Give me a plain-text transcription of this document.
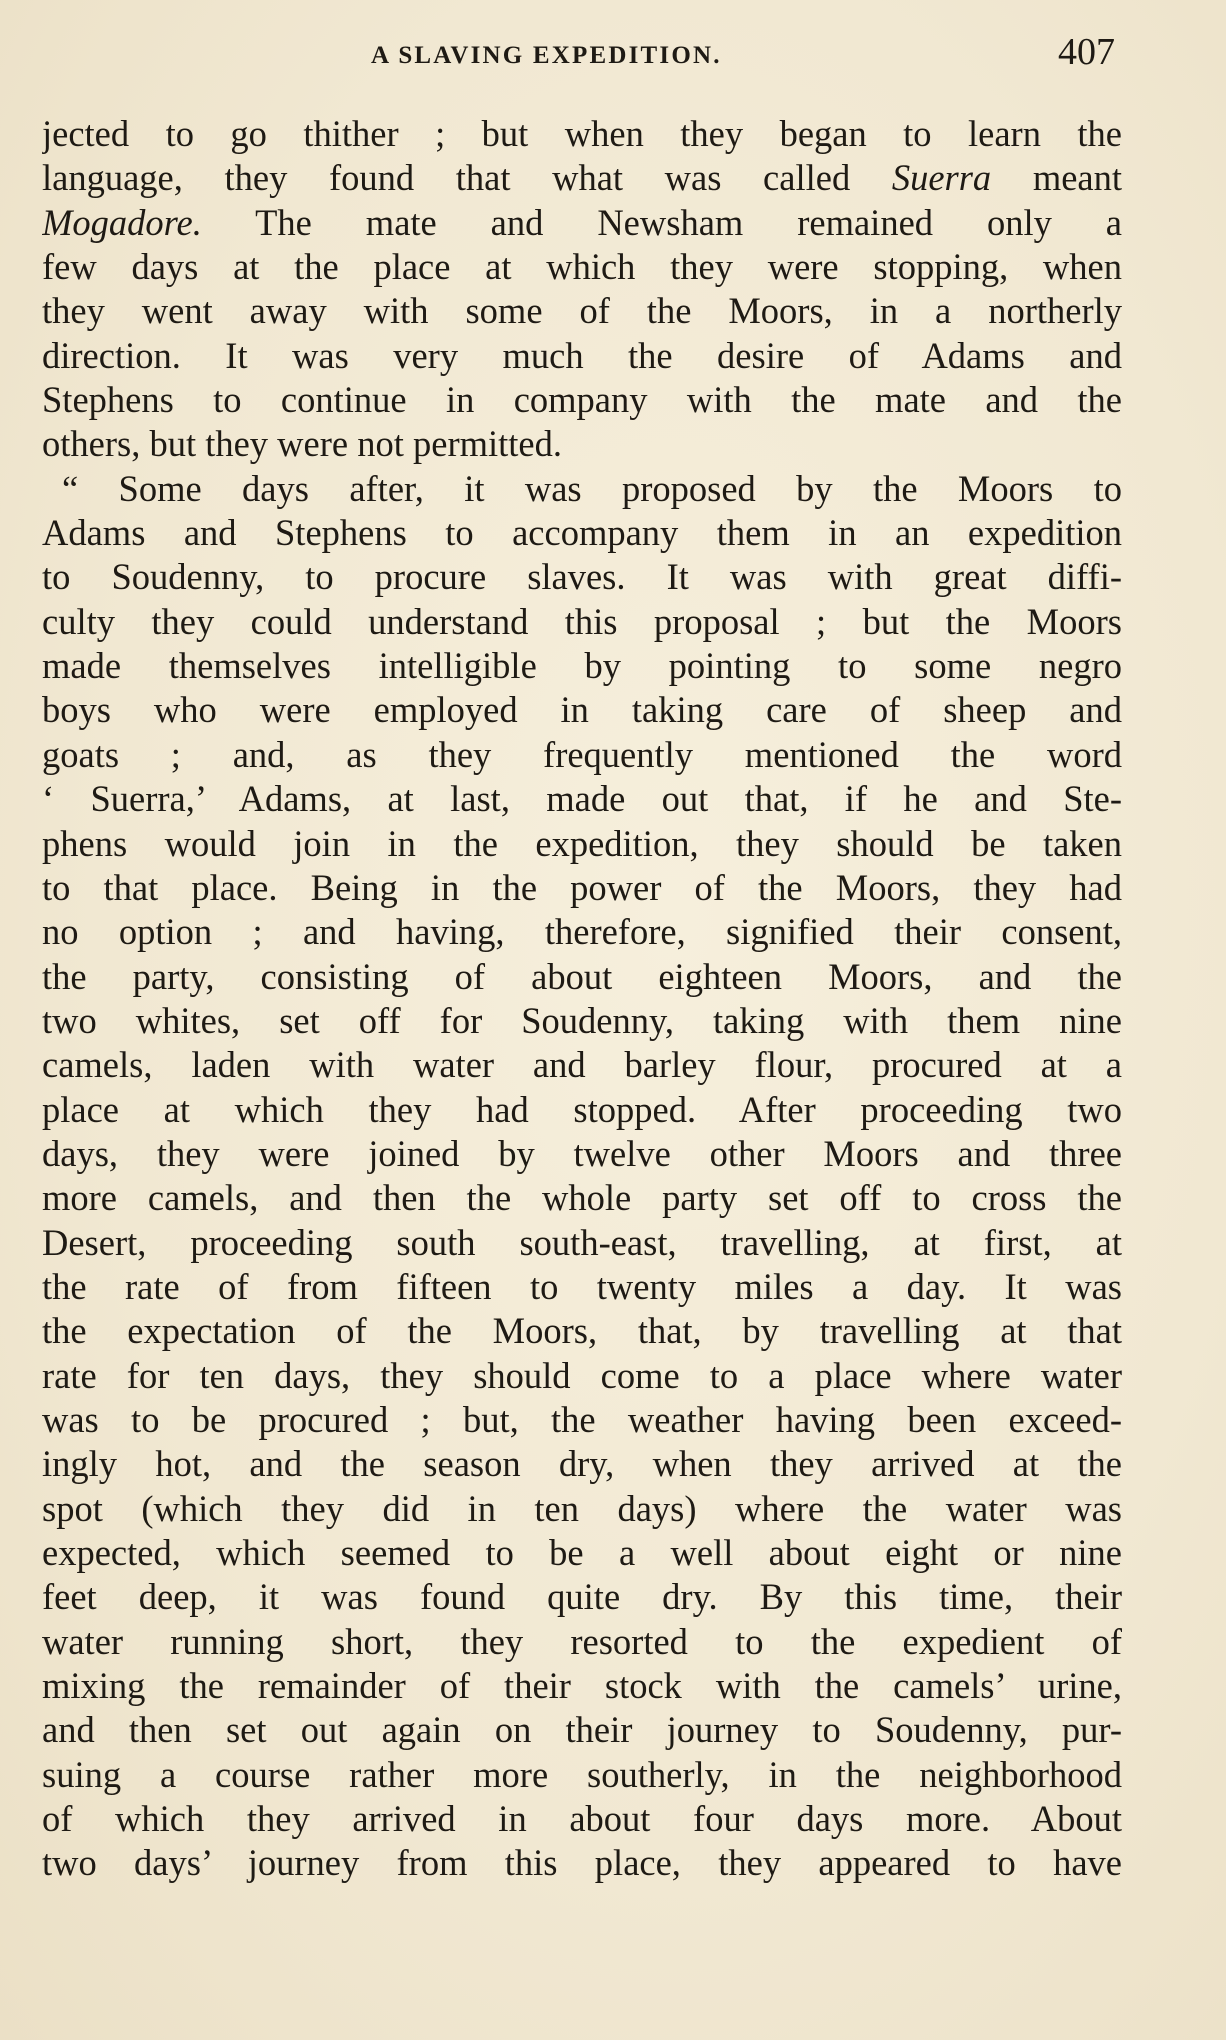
A SLAVING EXPEDITION.	407
jected to go thither ; but when they began to learn the
language, they found that what was called Suerra meant
Mogadore. The mate and Newsham remained only a
few days at the place at which they were stopping, when
they went away with some of the Moors, in a northerly
direction. It was very much the desire of Adams and
Stephens to continue in company with the mate and the
others, but they were not permitted.
“ Some days after, it was proposed by the Moors to
Adams and Stephens to accompany them in an expedition
to Soudenny, to procure slaves. It was with great diffi-
culty they could understand this proposal ; but the Moors
made themselves intelligible by pointing to some negro
boys who were employed in taking care of sheep and
goats ; and, as they frequently mentioned the word
‘ Suerra,’ Adams, at last, made out that, if he and Ste-
phens would join in the expedition, they should be taken
to that place. Being in the power of the Moors, they had
no option ; and having, therefore, signified their consent,
the party, consisting of about eighteen Moors, and the
two whites, set off for Soudenny, taking with them nine
camels, laden with water and barley flour, procured at a
place at which they had stopped. After proceeding two
days, they were joined by twelve other Moors and three
more camels, and then the whole party set off to cross the
Desert, proceeding south south-east, travelling, at first, at
the rate of from fifteen to twenty miles a day. It was
the expectation of the Moors, that, by travelling at that
rate for ten days, they should come to a place where water
was to be procured ; but, the weather having been exceed-
ingly hot, and the season dry, when they arrived at the
spot (which they did in ten days) where the water was
expected, which seemed to be a well about eight or nine
feet deep, it was found quite dry. By this time, their
water running short, they resorted to the expedient of
mixing the remainder of their stock with the camels’ urine,
and then set out again on their journey to Soudenny, pur-
suing a course rather more southerly, in the neighborhood
of which they arrived in about four days more. About
two days’ journey from this place, they appeared to have
